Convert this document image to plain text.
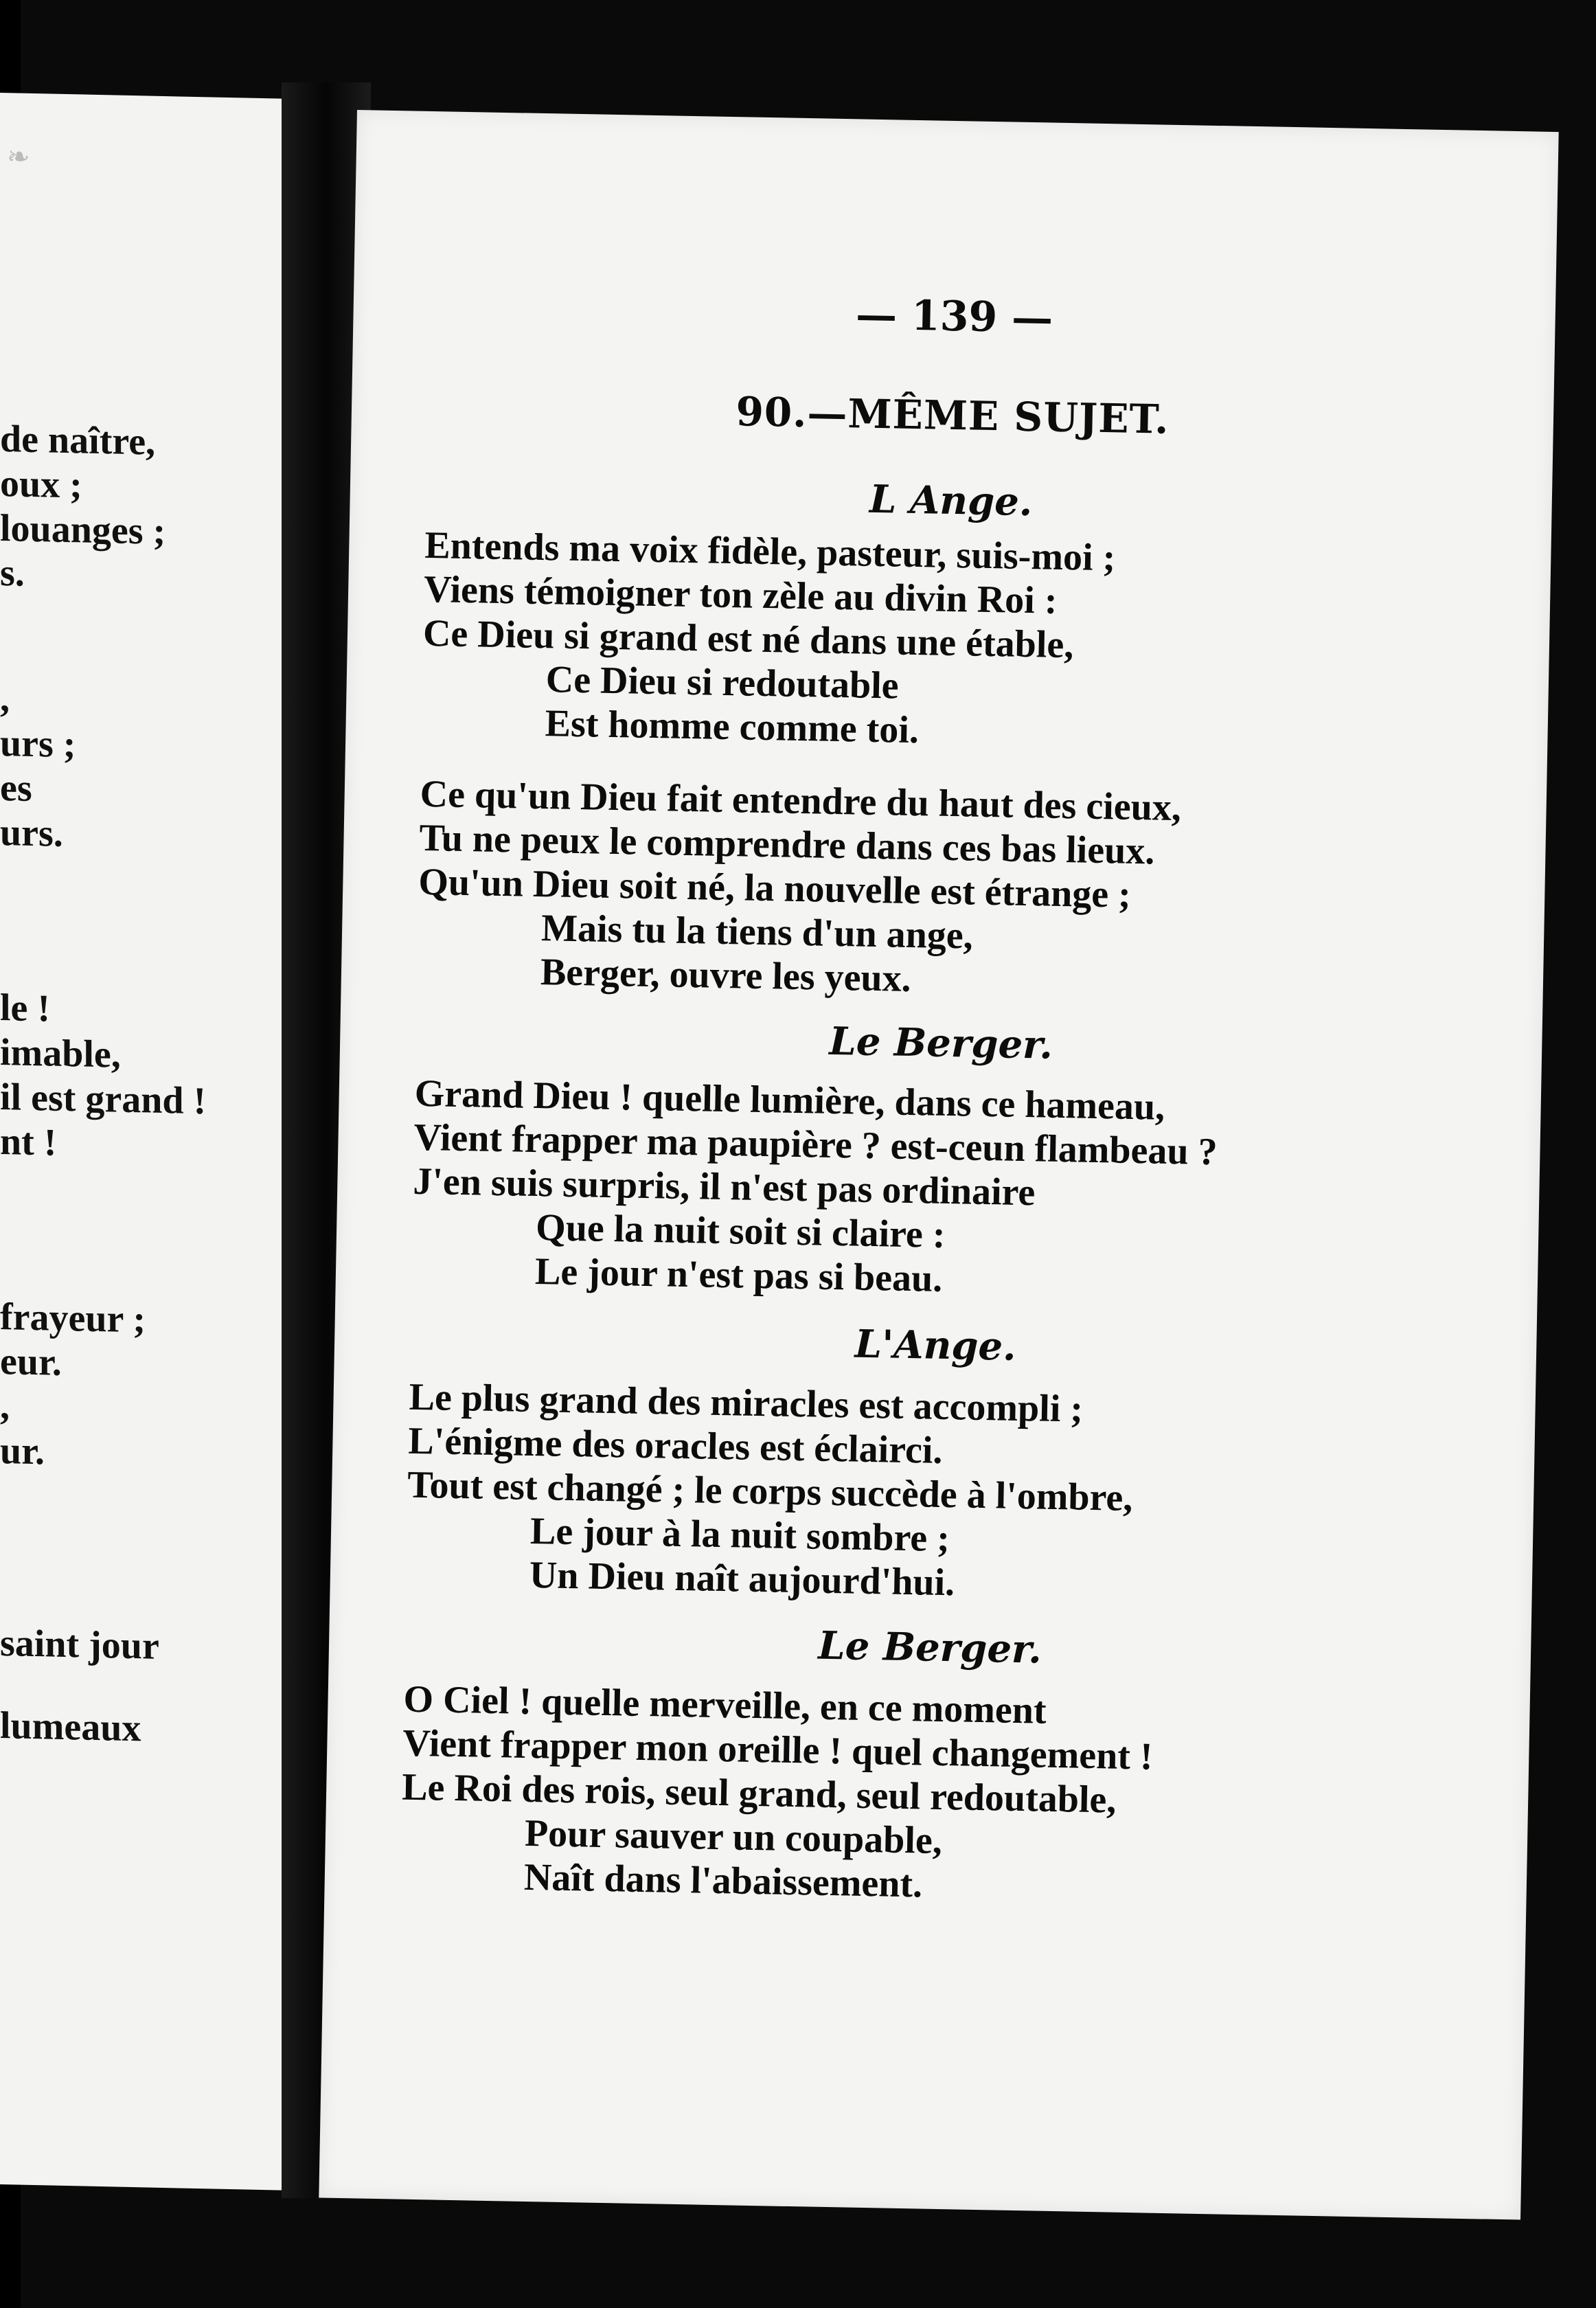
❧
de naître,
oux ;
louanges ;
s.
,
urs ;
es
urs.
le !
imable,
il est grand !
nt !
frayeur ;
eur.
,
ur.
saint jour
lumeaux
— 139 —
90.—MÊME SUJET.
L Ange.
Entends ma voix fidèle, pasteur, suis-moi ;
Viens témoigner ton zèle au divin Roi :
Ce Dieu si grand est né dans une étable,
Ce Dieu si redoutable
Est homme comme toi.
Ce qu'un Dieu fait entendre du haut des cieux,
Tu ne peux le comprendre dans ces bas lieux.
Qu'un Dieu soit né, la nouvelle est étrange ;
Mais tu la tiens d'un ange,
Berger, ouvre les yeux.
Le Berger.
Grand Dieu ! quelle lumière, dans ce hameau,
Vient frapper ma paupière ? est-ceun flambeau ?
J'en suis surpris, il n'est pas ordinaire
Que la nuit soit si claire :
Le jour n'est pas si beau.
L'Ange.
Le plus grand des miracles est accompli ;
L'énigme des oracles est éclairci.
Tout est changé ; le corps succède à l'ombre,
Le jour à la nuit sombre ;
Un Dieu naît aujourd'hui.
Le Berger.
O Ciel ! quelle merveille, en ce moment
Vient frapper mon oreille ! quel changement !
Le Roi des rois, seul grand, seul redoutable,
Pour sauver un coupable,
Naît dans l'abaissement.
